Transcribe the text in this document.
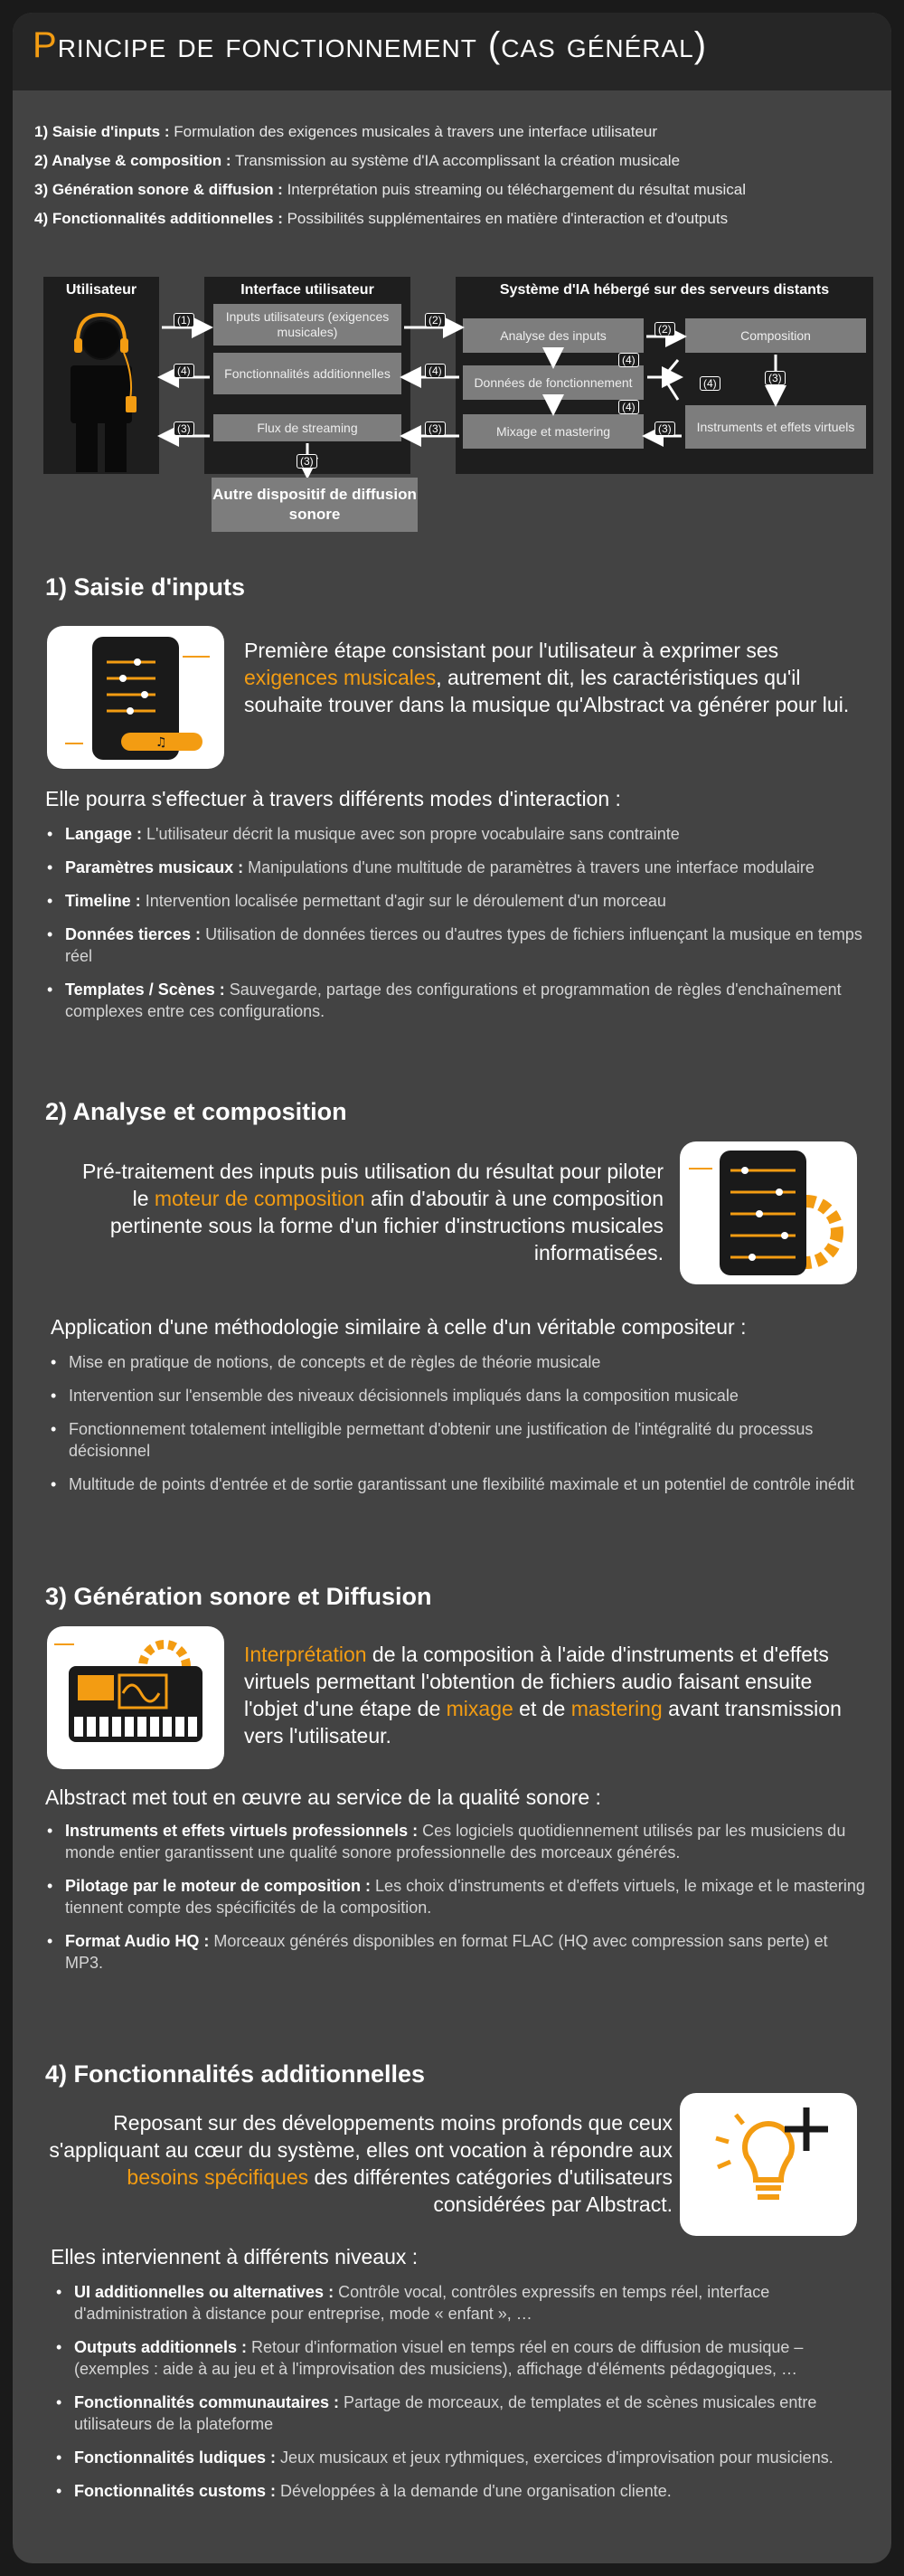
Principe de fonctionnement (cas général)
1) Saisie d'inputs : Formulation des exigences musicales à travers une interface utilisateur
2) Analyse & composition : Transmission au système d'IA accomplissant la création musicale
3) Génération sonore & diffusion : Interprétation puis streaming ou téléchargement du résultat musical
4) Fonctionnalités additionnelles : Possibilités supplémentaires en matière d'interaction et d'outputs
Utilisateur	Interface utilisateur
Inputs utilisateurs (exigences musicales)
Fonctionnalités additionnelles
Flux de streaming
Système d'IA hébergé sur des serveurs distants
Analyse des inputs
Données de fonctionnement
Mixage et mastering
Composition
Instruments et effets virtuels
(1)	(2)
(2)
(3)
(3)
(3)
(3)
(4)	(4)
(4)
(4)
(4)
(3)
Autre dispositif de diffusion sonore
1) Saisie d'inputs
♫

Première étape consistant pour l'utilisateur à exprimer ses exigences musicales, autrement dit, les caractéristiques qu'il souhaite trouver dans la musique qu'Albstract va générer pour lui.

Elle pourra s'effectuer à travers différents modes d'interaction :
• Langage : L'utilisateur décrit la musique avec son propre vocabulaire sans contrainte
• Paramètres musicaux : Manipulations d'une multitude de paramètres à travers une interface modulaire
• Timeline : Intervention localisée permettant d'agir sur le déroulement d'un morceau
• Données tierces : Utilisation de données tierces ou d'autres types de fichiers influençant la musique en temps réel
• Templates / Scènes : Sauvegarde, partage des configurations et programmation de règles d'enchaînement complexes entre ces configurations.
2) Analyse et composition

Pré-traitement des inputs puis utilisation du résultat pour piloter le moteur de composition afin d'aboutir à une composition pertinente sous la forme d'un fichier d'instructions musicales informatisées.

Application d'une méthodologie similaire à celle d'un véritable compositeur :
• Mise en pratique de notions, de concepts et de règles de théorie musicale
• Intervention sur l'ensemble des niveaux décisionnels impliqués dans la composition musicale
• Fonctionnement totalement intelligible permettant d'obtenir une justification de l'intégralité du processus décisionnel
• Multitude de points d'entrée et de sortie garantissant une flexibilité maximale et un potentiel de contrôle inédit
3) Génération sonore et Diffusion

Interprétation de la composition à l'aide d'instruments et d'effets virtuels permettant l'obtention de fichiers audio faisant ensuite l'objet d'une étape de mixage et de mastering avant transmission vers l'utilisateur.

Albstract met tout en œuvre au service de la qualité sonore :
• Instruments et effets virtuels professionnels : Ces logiciels quotidiennement utilisés par les musiciens du monde entier garantissent une qualité sonore professionnelle des morceaux générés.
• Pilotage par le moteur de composition : Les choix d'instruments et d'effets virtuels, le mixage et le mastering tiennent compte des spécificités de la composition.
• Format Audio HQ : Morceaux générés disponibles en format FLAC (HQ avec compression sans perte) et MP3.
4) Fonctionnalités additionnelles

Reposant sur des développements moins profonds que ceux s'appliquant au cœur du système, elles ont vocation à répondre aux besoins spécifiques des différentes catégories d'utilisateurs considérées par Albstract.

Elles interviennent à différents niveaux :
• UI additionnelles ou alternatives : Contrôle vocal, contrôles expressifs en temps réel, interface d'administration à distance pour entreprise, mode « enfant », …
• Outputs additionnels : Retour d'information visuel en temps réel en cours de diffusion de musique – (exemples : aide à au jeu et à l'improvisation des musiciens), affichage d'éléments pédagogiques, …
• Fonctionnalités communautaires : Partage de morceaux, de templates et de scènes musicales entre utilisateurs de la plateforme
• Fonctionnalités ludiques : Jeux musicaux et jeux rythmiques, exercices d'improvisation pour musiciens.
• Fonctionnalités customs : Développées à la demande d'une organisation cliente.
